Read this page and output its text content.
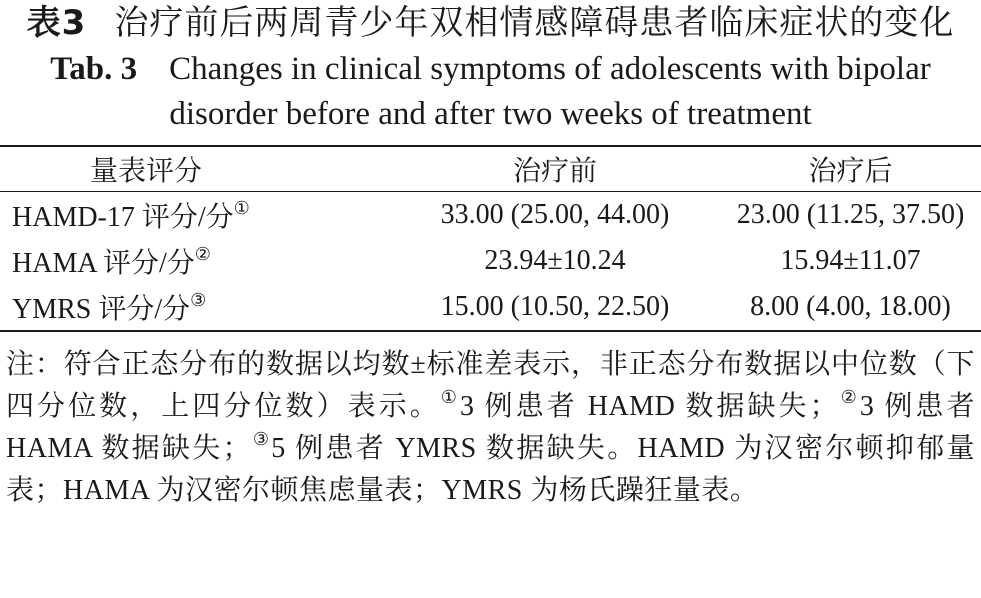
表3 治疗前后两周青少年双相情感障碍患者临床症状的变化

Tab. 3 Changes in clinical symptoms of adolescents with bipolar disorder before and after two weeks of treatment

量表评分	治疗前	治疗后
HAMD-17 评分/分①	33.00 (25.00, 44.00)	23.00 (11.25, 37.50)
HAMA 评分/分②	23.94±10.24	15.94±11.07
YMRS 评分/分③	15.00 (10.50, 22.50)	8.00 (4.00, 18.00)

注：符合正态分布的数据以均数±标准差表示，非正态分布数据以中位数（下四分位数，上四分位数）表示。①3 例患者 HAMD 数据缺失；②3 例患者 HAMA 数据缺失；③5 例患者 YMRS 数据缺失。HAMD 为汉密尔顿抑郁量表；HAMA 为汉密尔顿焦虑量表；YMRS 为杨氏躁狂量表。
